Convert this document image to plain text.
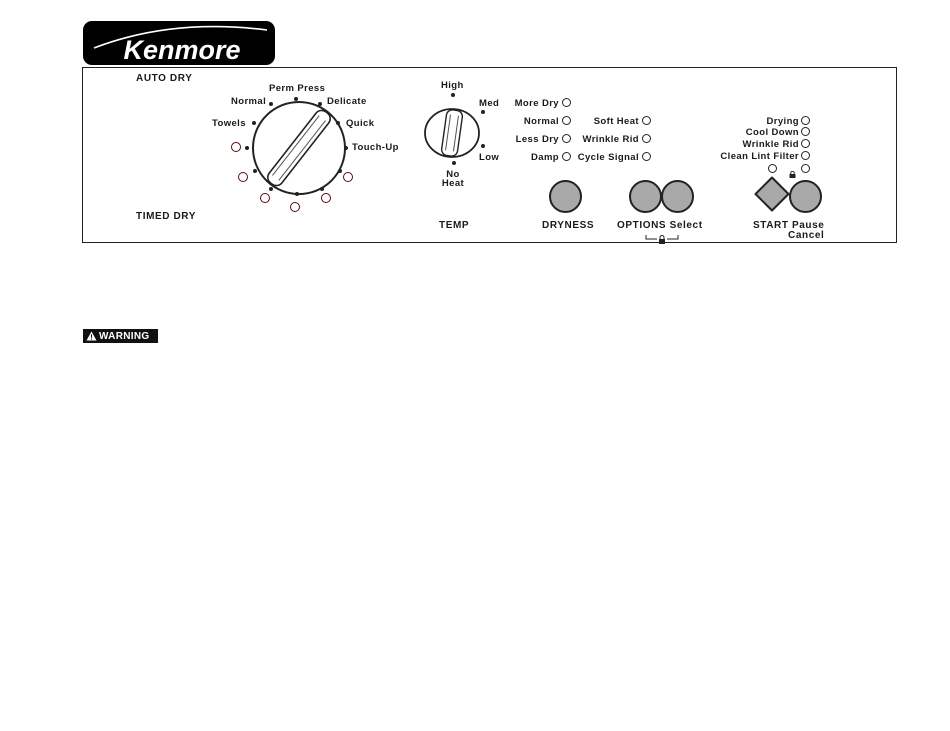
Kenmore
AUTO DRY
TIMED DRY
Perm Press
Normal	Delicate
Towels	Quick
Touch-Up
High
Med
Low
No
Heat
TEMP
More Dry
Normal
Less Dry
Damp
DRYNESS
Soft Heat
Wrinkle Rid
Cycle Signal
OPTIONS Select
Drying
Cool Down
Wrinkle Rid
Clean Lint Filter
START Pause
Cancel
WARNING
